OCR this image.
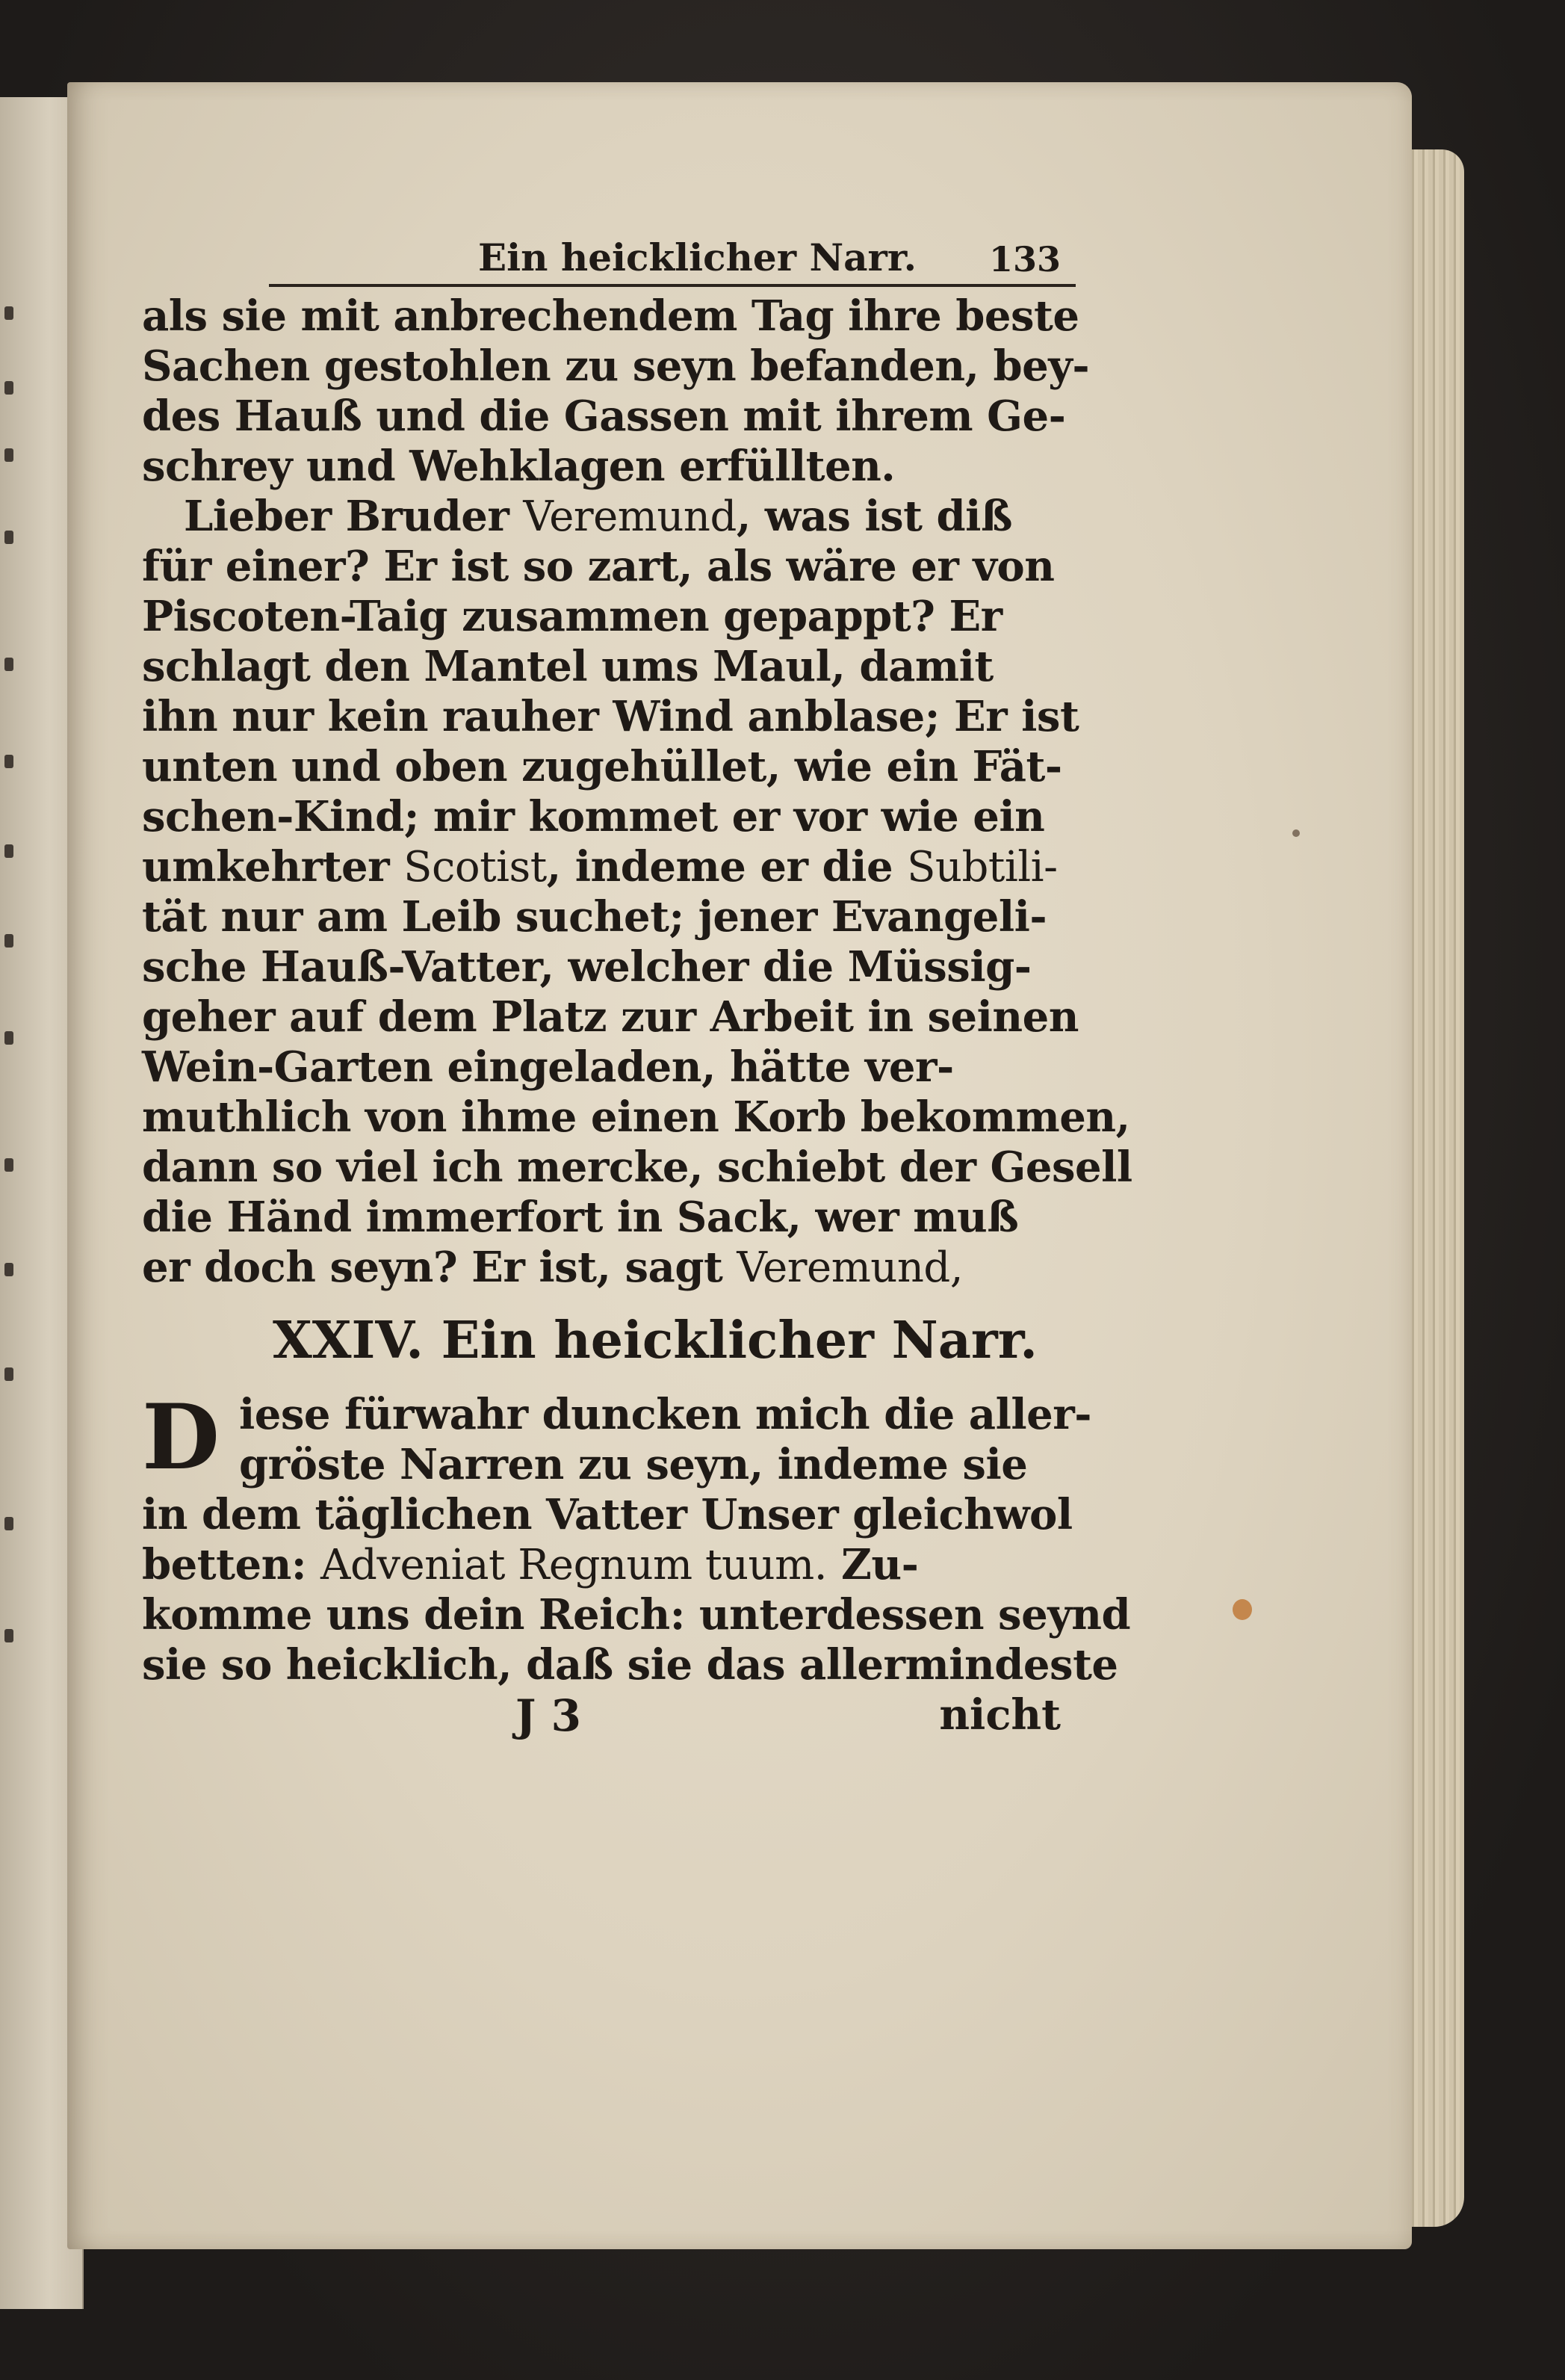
Ein heicklicher Narr. 133
als sie mit anbrechendem Tag ihre beste
Sachen gestohlen zu seyn befanden, bey-
des Hauß und die Gassen mit ihrem Ge-
schrey und Wehklagen erfüllten.
Lieber Bruder Veremund, was ist diß
für einer? Er ist so zart, als wäre er von
Piscoten-Taig zusammen gepappt? Er
schlagt den Mantel ums Maul, damit
ihn nur kein rauher Wind anblase; Er ist
unten und oben zugehüllet, wie ein Fät-
schen-Kind; mir kommet er vor wie ein
umkehrter Scotist, indeme er die Subtili-
tät nur am Leib suchet; jener Evangeli-
sche Hauß-Vatter, welcher die Müssig-
geher auf dem Platz zur Arbeit in seinen
Wein-Garten eingeladen, hätte ver-
muthlich von ihme einen Korb bekommen,
dann so viel ich mercke, schiebt der Gesell
die Händ immerfort in Sack, wer muß
er doch seyn? Er ist, sagt Veremund,
XXIV. Ein heicklicher Narr.
D iese fürwahr duncken mich die aller-
gröste Narren zu seyn, indeme sie
in dem täglichen Vatter Unser gleichwol
betten: Adveniat Regnum tuum. Zu-
komme uns dein Reich: unterdessen seynd
sie so heicklich, daß sie das allermindeste
J 3	nicht
